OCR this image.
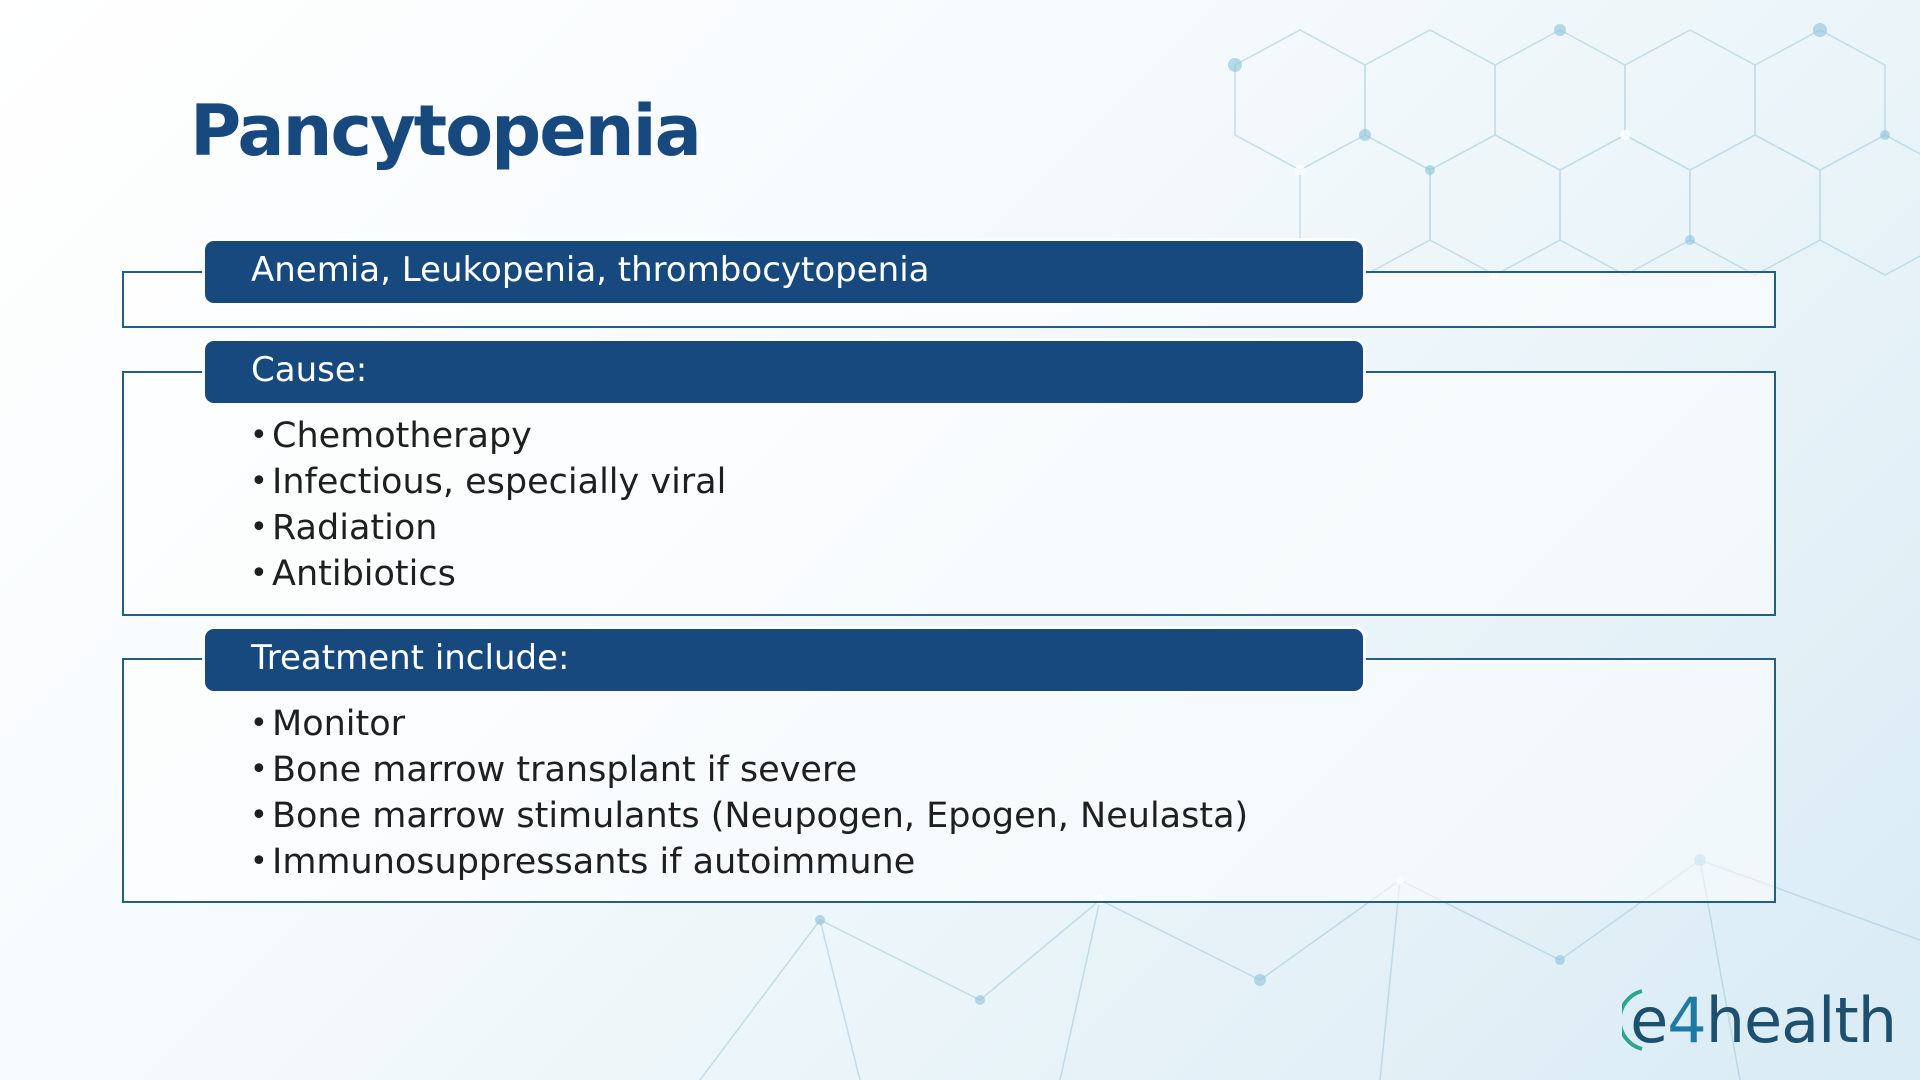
Pancytopenia
Anemia, Leukopenia, thrombocytopenia
Cause:
• Chemotherapy
• Infectious, especially viral
• Radiation
• Antibiotics
Treatment include:
• Monitor
• Bone marrow transplant if severe
• Bone marrow stimulants (Neupogen, Epogen, Neulasta)
• Immunosuppressants if autoimmune
e4health
